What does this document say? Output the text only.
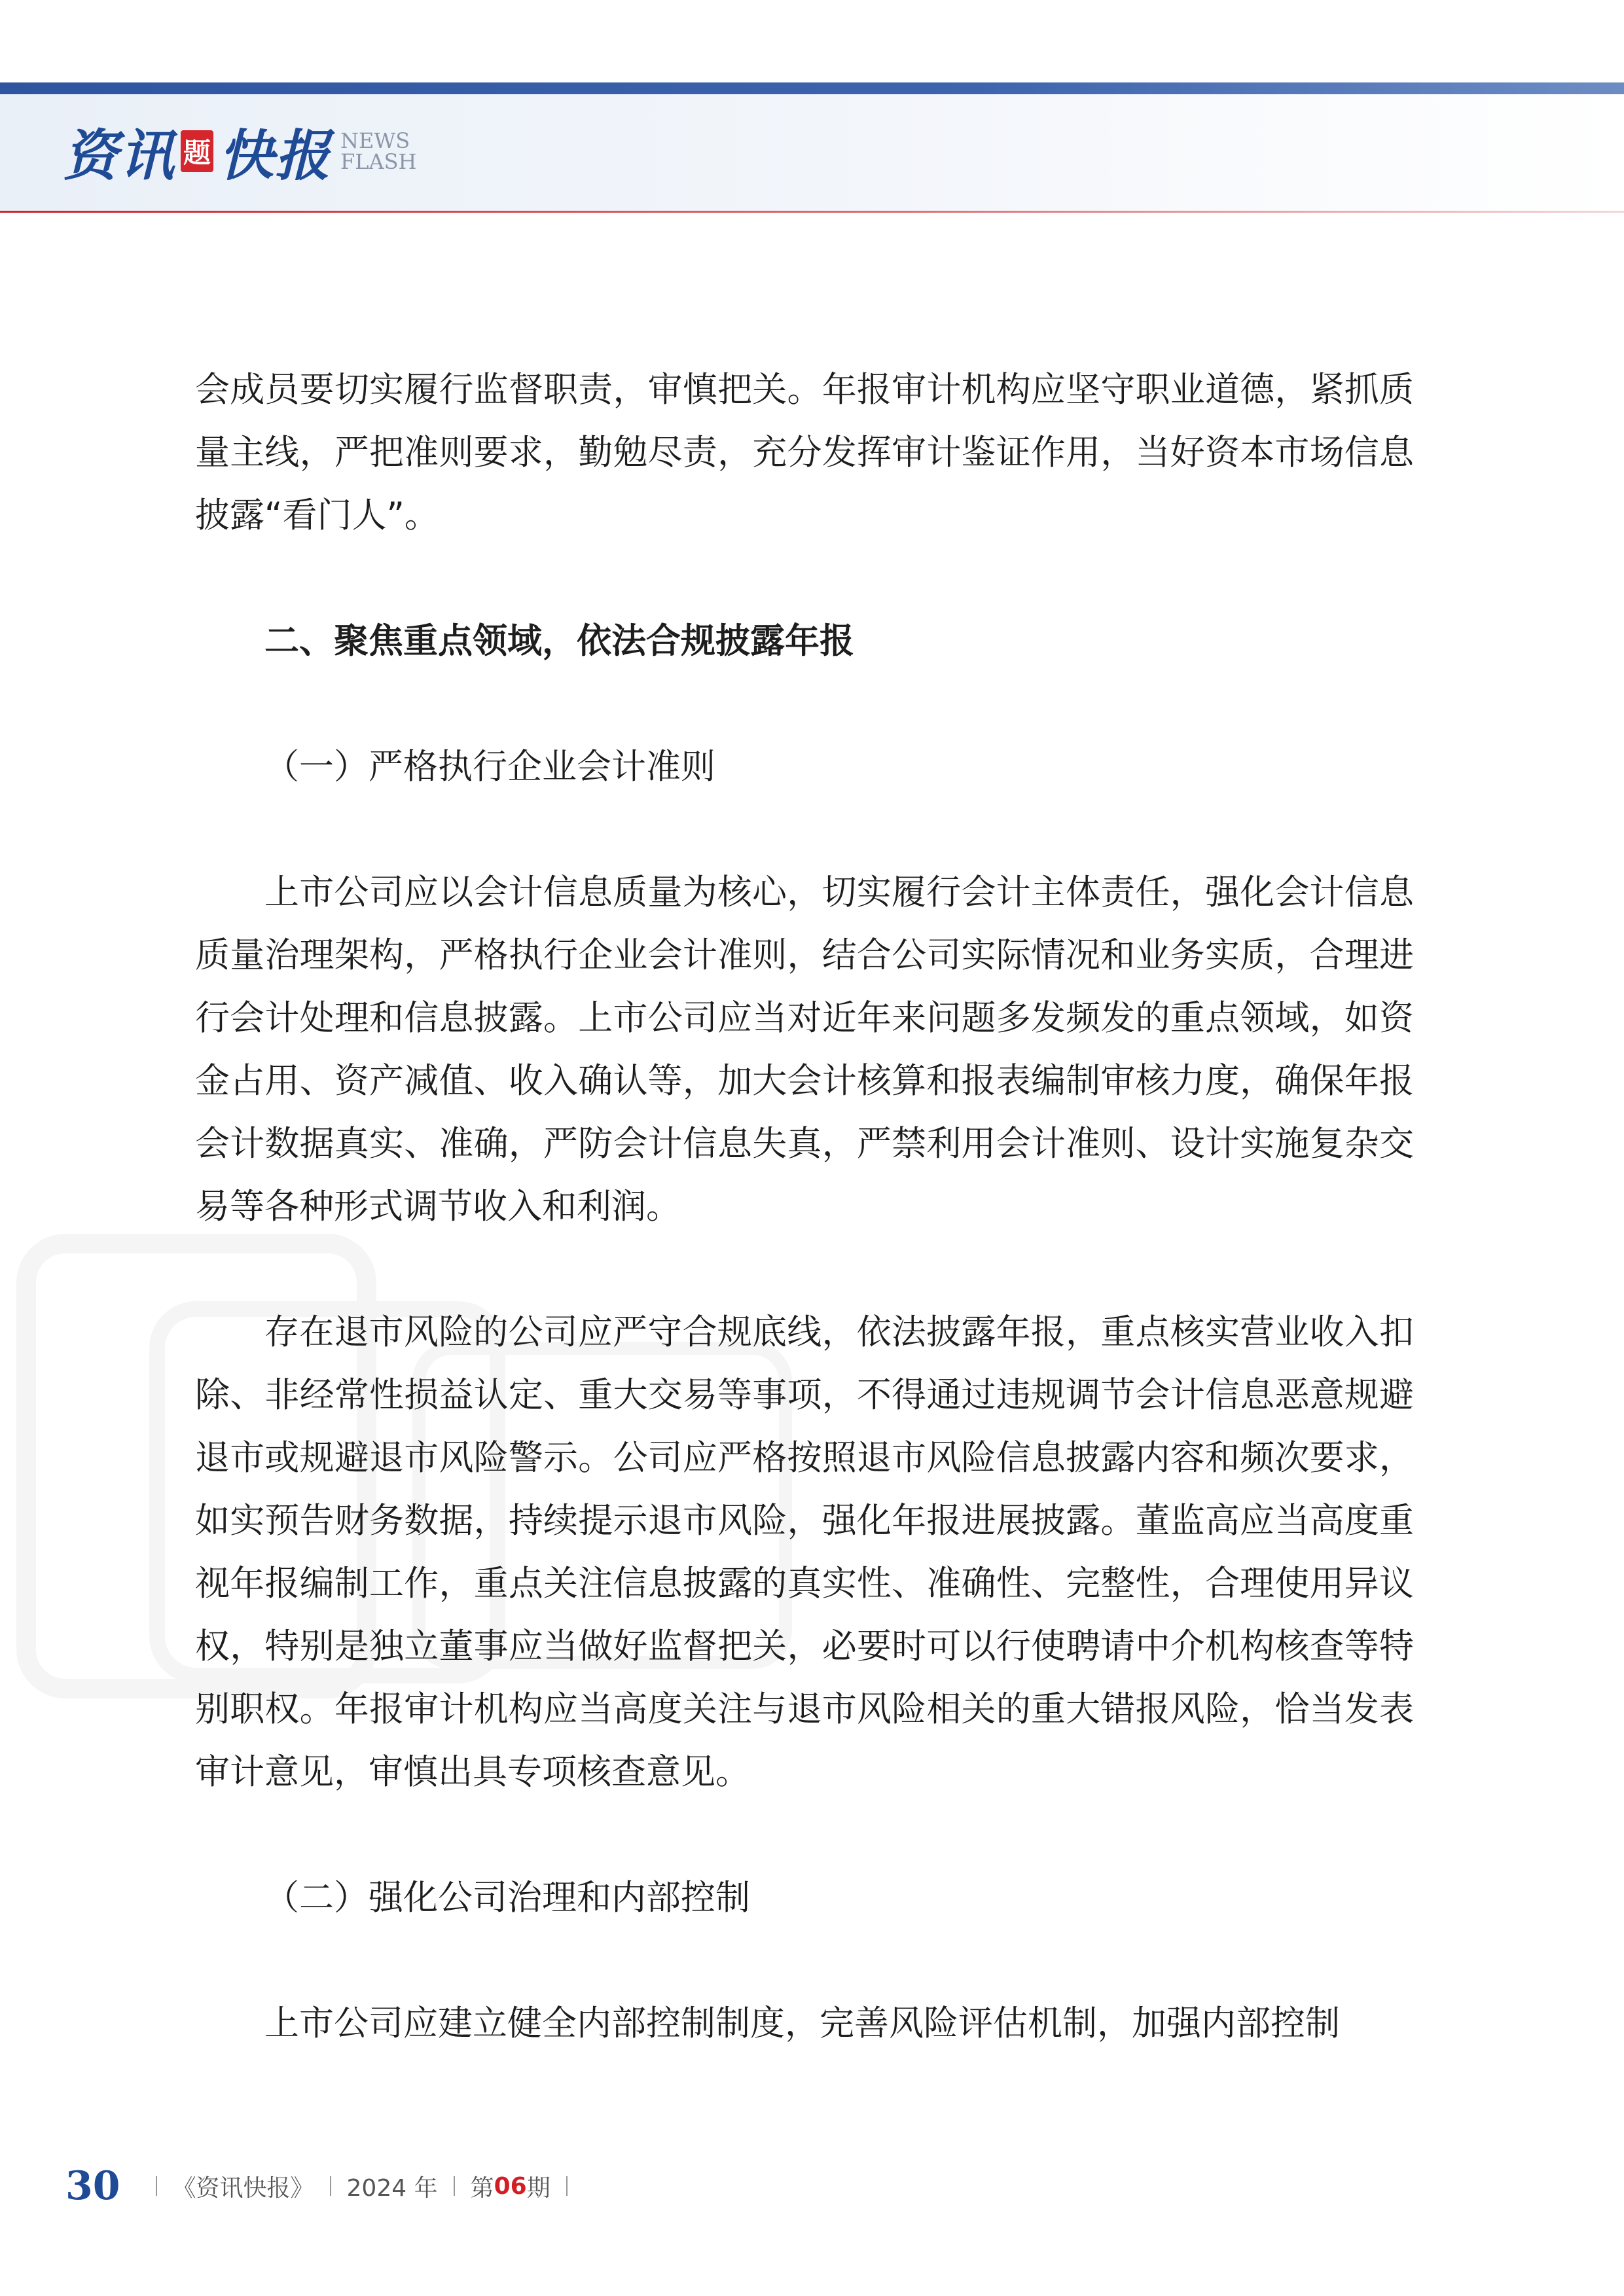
资讯 题 快报 NEWS
FLASH

会成员要切实履行监督职责，审慎把关。年报审计机构应坚守职业道德，紧抓质量主线，严把准则要求，勤勉尽责，充分发挥审计鉴证作用，当好资本市场信息披露“看门人”。

二、聚焦重点领域，依法合规披露年报

（一）严格执行企业会计准则

上市公司应以会计信息质量为核心，切实履行会计主体责任，强化会计信息质量治理架构，严格执行企业会计准则，结合公司实际情况和业务实质，合理进行会计处理和信息披露。上市公司应当对近年来问题多发频发的重点领域，如资金占用、资产减值、收入确认等，加大会计核算和报表编制审核力度，确保年报会计数据真实、准确，严防会计信息失真，严禁利用会计准则、设计实施复杂交易等各种形式调节收入和利润。

存在退市风险的公司应严守合规底线，依法披露年报，重点核实营业收入扣除、非经常性损益认定、重大交易等事项，不得通过违规调节会计信息恶意规避退市或规避退市风险警示。公司应严格按照退市风险信息披露内容和频次要求，如实预告财务数据，持续提示退市风险，强化年报进展披露。董监高应当高度重视年报编制工作，重点关注信息披露的真实性、准确性、完整性，合理使用异议权，特别是独立董事应当做好监督把关，必要时可以行使聘请中介机构核查等特别职权。年报审计机构应当高度关注与退市风险相关的重大错报风险，恰当发表审计意见，审慎出具专项核查意见。

（二）强化公司治理和内部控制

上市公司应建立健全内部控制制度，完善风险评估机制，加强内部控制

30 《资讯快报》 2024 年 第 06 期
